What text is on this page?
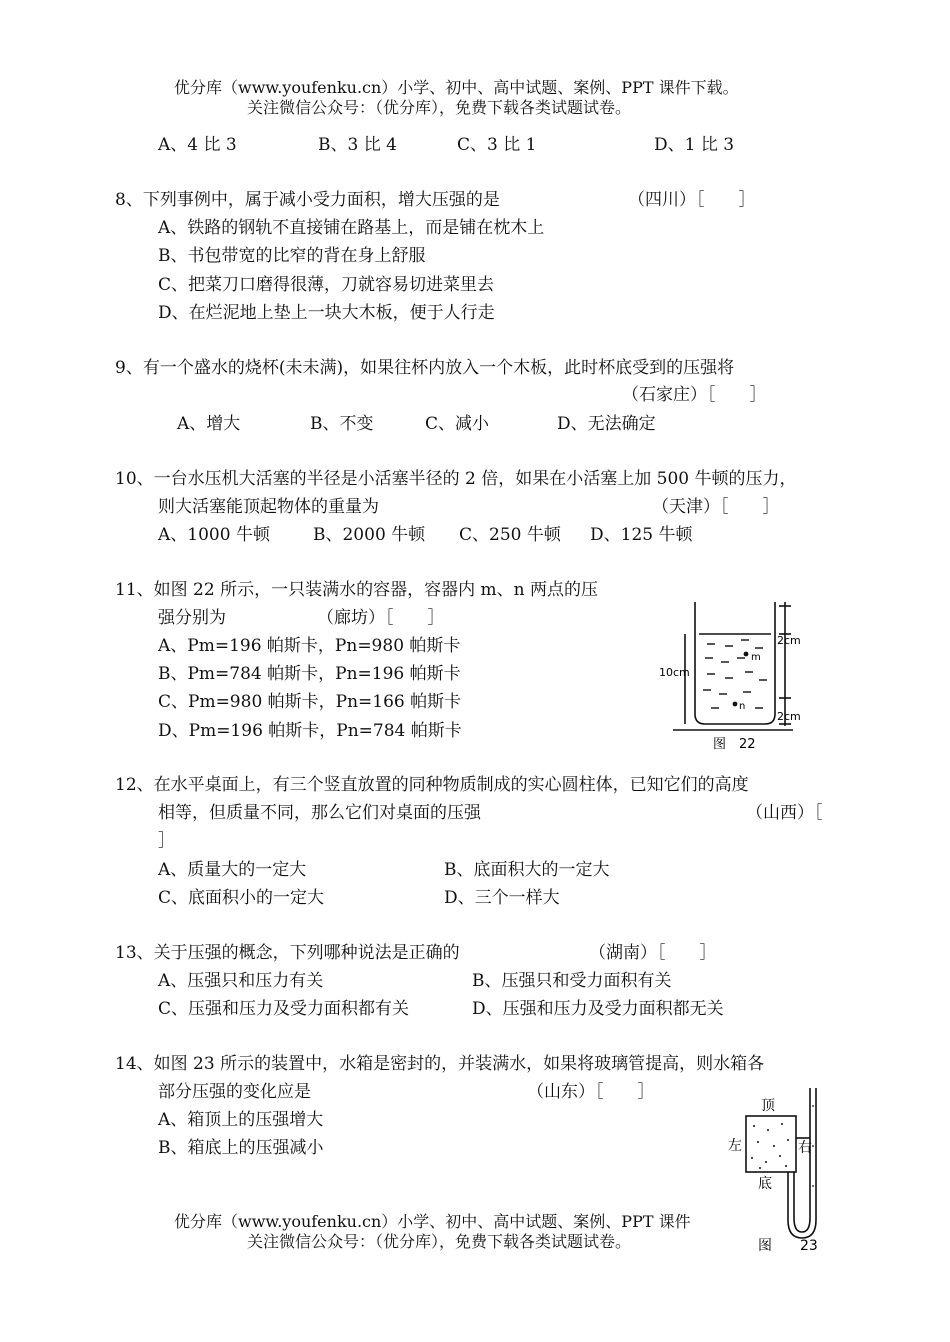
优分库（www.youfenku.cn）小学、初中、高中试题、案例、PPT 课件下载。
关注微信公众号：（优分库），免费下载各类试题试卷。
A、4 比 3	B、3 比 4	C、3 比 1	D、1 比 3
8、下列事例中，属于减小受力面积，增大压强的是	（四川）［　　］
A、铁路的钢轨不直接铺在路基上，而是铺在枕木上
B、书包带宽的比窄的背在身上舒服
C、把菜刀口磨得很薄，刀就容易切进菜里去
D、在烂泥地上垫上一块大木板，便于人行走
9、有一个盛水的烧杯(未未满)，如果往杯内放入一个木板，此时杯底受到的压强将
（石家庄）［　　］
A、增大	B、不变	C、减小	D、无法确定
10、一台水压机大活塞的半径是小活塞半径的 2 倍，如果在小活塞上加 500 牛顿的压力，
则大活塞能顶起物体的重量为	（天津）［　　］
A、1000 牛顿	B、2000 牛顿 C、250 牛顿 D、125 牛顿
11、如图 22 所示，一只装满水的容器，容器内 m、n 两点的压
强分别为	（廊坊）［　　］
A、Pm=196 帕斯卡，Pn=980 帕斯卡
B、Pm=784 帕斯卡，Pn=196 帕斯卡
C、Pm=980 帕斯卡，Pn=166 帕斯卡
D、Pm=196 帕斯卡，Pn=784 帕斯卡
m
n
2cm
10cm
2cm
图　22
12、在水平桌面上，有三个竖直放置的同种物质制成的实心圆柱体，已知它们的高度
相等，但质量不同，那么它们对桌面的压强	（山西）［
］
A、质量大的一定大	B、底面积大的一定大
C、底面积小的一定大	D、三个一样大
13、关于压强的概念，下列哪种说法是正确的	（湖南）［　　］
A、压强只和压力有关	B、压强只和受力面积有关
C、压强和压力及受力面积都有关	D、压强和压力及受力面积都无关
14、如图 23 所示的装置中，水箱是密封的，并装满水，如果将玻璃管提高，则水箱各
部分压强的变化应是	（山东）［　　］
A、箱顶上的压强增大
B、箱底上的压强减小
顶
左	右
底
图　　23
优分库（www.youfenku.cn）小学、初中、高中试题、案例、PPT 课件
关注微信公众号：（优分库），免费下载各类试题试卷。
